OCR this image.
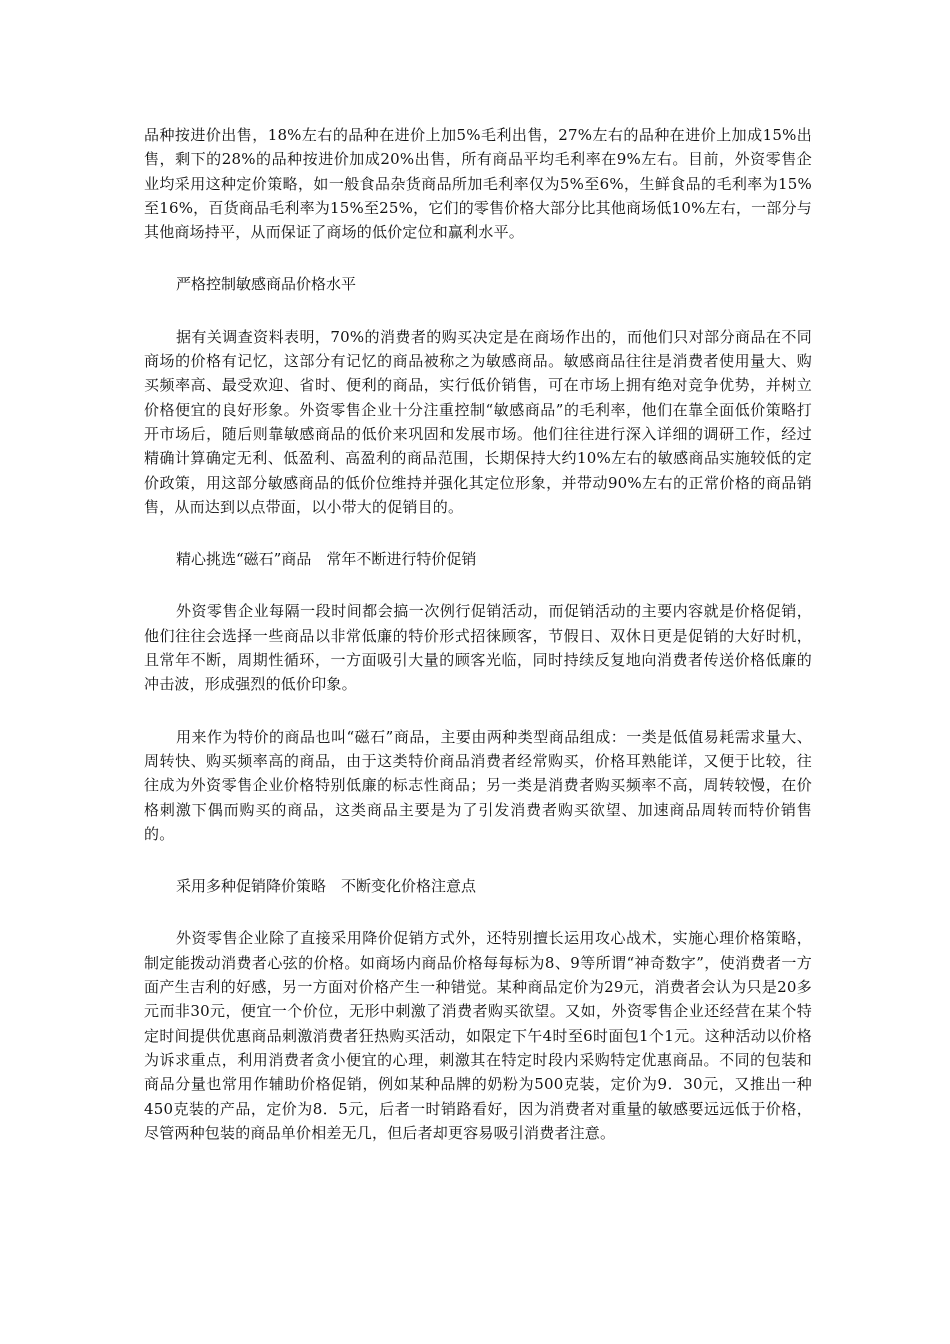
品种按进价出售，18%左右的品种在进价上加5%毛利出售，27%左右的品种在进价上加成15%出售，剩下的28%的品种按进价加成20%出售，所有商品平均毛利率在9%左右。目前，外资零售企业均采用这种定价策略，如一般食品杂货商品所加毛利率仅为5%至6%，生鲜食品的毛利率为15%至16%，百货商品毛利率为15%至25%，它们的零售价格大部分比其他商场低10%左右，一部分与其他商场持平，从而保证了商场的低价定位和赢利水平。

严格控制敏感商品价格水平

据有关调查资料表明，70%的消费者的购买决定是在商场作出的，而他们只对部分商品在不同商场的价格有记忆，这部分有记忆的商品被称之为敏感商品。敏感商品往往是消费者使用量大、购买频率高、最受欢迎、省时、便利的商品，实行低价销售，可在市场上拥有绝对竞争优势，并树立价格便宜的良好形象。外资零售企业十分注重控制“敏感商品”的毛利率，他们在靠全面低价策略打开市场后，随后则靠敏感商品的低价来巩固和发展市场。他们往往进行深入详细的调研工作，经过精确计算确定无利、低盈利、高盈利的商品范围，长期保持大约10%左右的敏感商品实施较低的定价政策，用这部分敏感商品的低价位维持并强化其定位形象，并带动90%左右的正常价格的商品销售，从而达到以点带面，以小带大的促销目的。

精心挑选“磁石”商品　常年不断进行特价促销

外资零售企业每隔一段时间都会搞一次例行促销活动，而促销活动的主要内容就是价格促销，他们往往会选择一些商品以非常低廉的特价形式招徕顾客，节假日、双休日更是促销的大好时机，且常年不断，周期性循环，一方面吸引大量的顾客光临，同时持续反复地向消费者传送价格低廉的冲击波，形成强烈的低价印象。

用来作为特价的商品也叫“磁石”商品，主要由两种类型商品组成：一类是低值易耗需求量大、周转快、购买频率高的商品，由于这类特价商品消费者经常购买，价格耳熟能详，又便于比较，往往成为外资零售企业价格特别低廉的标志性商品；另一类是消费者购买频率不高，周转较慢，在价格刺激下偶而购买的商品，这类商品主要是为了引发消费者购买欲望、加速商品周转而特价销售的。

采用多种促销降价策略　不断变化价格注意点

外资零售企业除了直接采用降价促销方式外，还特别擅长运用攻心战术，实施心理价格策略，制定能拨动消费者心弦的价格。如商场内商品价格每每标为8、9等所谓“神奇数字”，使消费者一方面产生吉利的好感，另一方面对价格产生一种错觉。某种商品定价为29元，消费者会认为只是20多元而非30元，便宜一个价位，无形中刺激了消费者购买欲望。又如，外资零售企业还经营在某个特定时间提供优惠商品刺激消费者狂热购买活动，如限定下午4时至6时面包1个1元。这种活动以价格为诉求重点，利用消费者贪小便宜的心理，刺激其在特定时段内采购特定优惠商品。不同的包装和商品分量也常用作辅助价格促销，例如某种品牌的奶粉为500克装，定价为9．30元，又推出一种450克装的产品，定价为8．5元，后者一时销路看好，因为消费者对重量的敏感要远远低于价格，尽管两种包装的商品单价相差无几，但后者却更容易吸引消费者注意。
